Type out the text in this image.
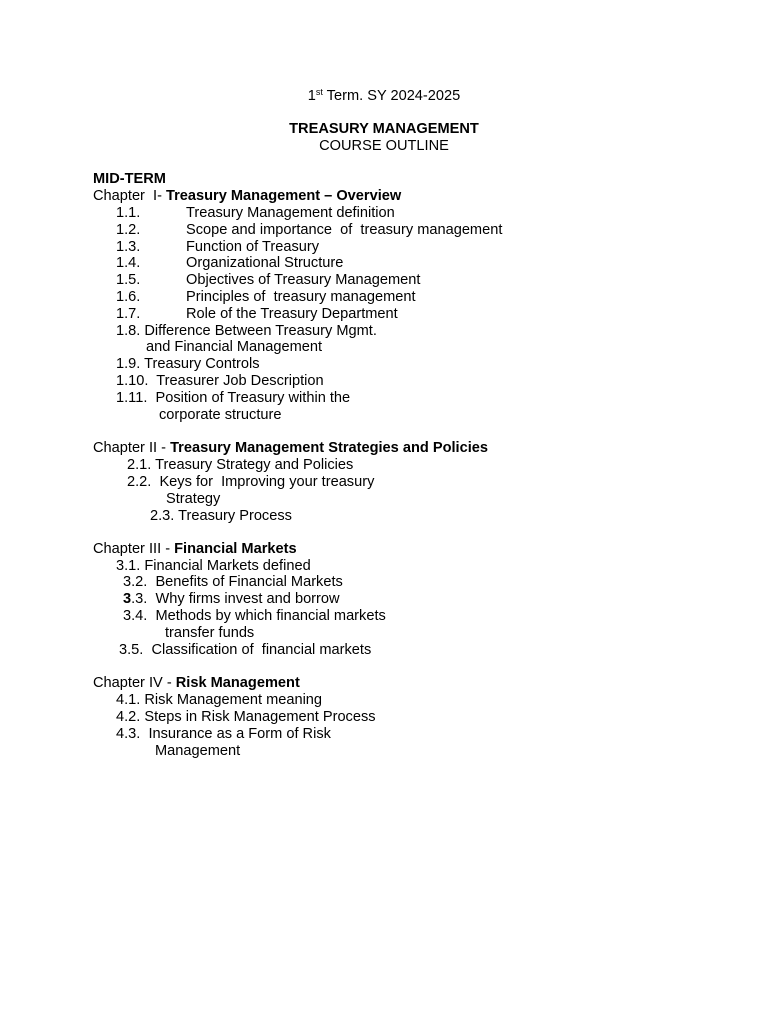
1st Term. SY 2024-2025
TREASURY MANAGEMENT
COURSE OUTLINE
MID-TERM
Chapter  I- Treasury Management – Overview
1.1.	Treasury Management definition
1.2.	Scope and importance  of  treasury management
1.3.	Function of Treasury
1.4.	Organizational Structure
1.5.	Objectives of Treasury Management
1.6.	Principles of  treasury management
1.7.	Role of the Treasury Department
1.8. Difference Between Treasury Mgmt.
and Financial Management
1.9. Treasury Controls
1.10.  Treasurer Job Description
1.11.  Position of Treasury within the
corporate structure
Chapter II - Treasury Management Strategies and Policies
2.1. Treasury Strategy and Policies
2.2.  Keys for  Improving your treasury
Strategy
2.3. Treasury Process
Chapter III - Financial Markets
3.1. Financial Markets defined
3.2.  Benefits of Financial Markets
3.3.  Why firms invest and borrow
3.4.  Methods by which financial markets
transfer funds
3.5.  Classification of  financial markets
Chapter IV - Risk Management
4.1. Risk Management meaning
4.2. Steps in Risk Management Process
4.3.  Insurance as a Form of Risk
Management
